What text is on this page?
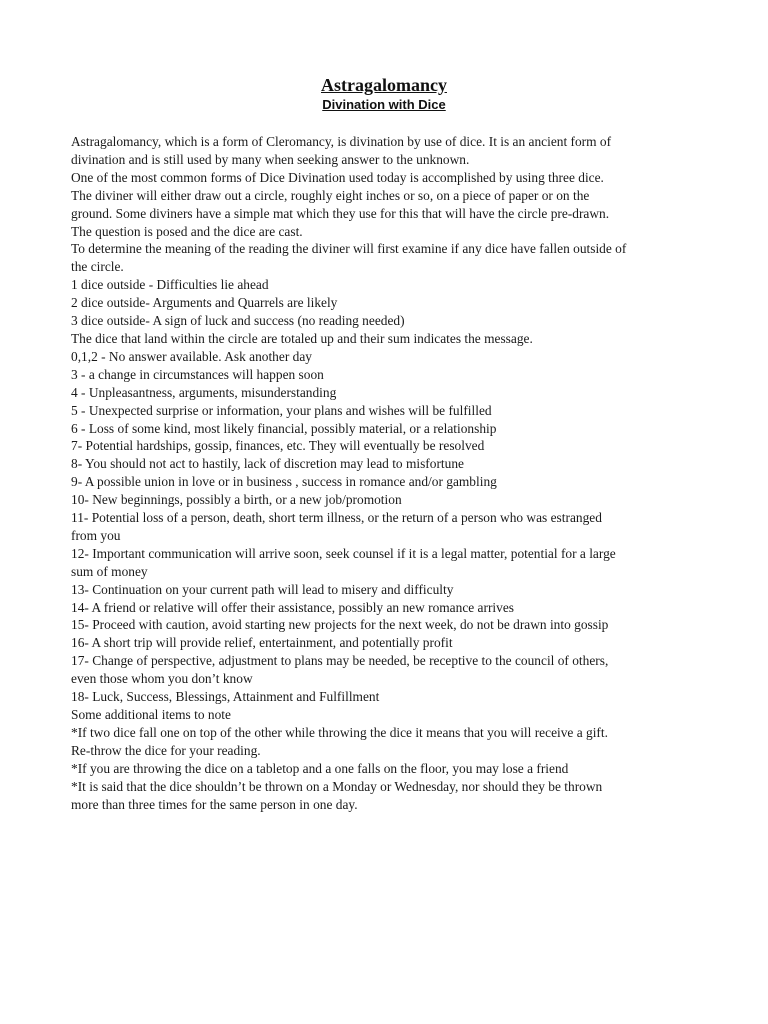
Astragalomancy
Divination with Dice

Astragalomancy, which is a form of Cleromancy, is divination by use of dice. It is an ancient form of

divination and is still used by many when seeking answer to the unknown.

One of the most common forms of Dice Divination used today is accomplished by using three dice.

The diviner will either draw out a circle, roughly eight inches or so, on a piece of paper or on the

ground. Some diviners have a simple mat which they use for this that will have the circle pre-drawn.

The question is posed and the dice are cast.

To determine the meaning of the reading the diviner will first examine if any dice have fallen outside of

the circle.

1 dice outside - Difficulties lie ahead

2 dice outside- Arguments and Quarrels are likely

3 dice outside- A sign of luck and success (no reading needed)

The dice that land within the circle are totaled up and their sum indicates the message.

0,1,2 - No answer available. Ask another day

3 - a change in circumstances will happen soon

4 - Unpleasantness, arguments, misunderstanding

5 - Unexpected surprise or information, your plans and wishes will be fulfilled

6 - Loss of some kind, most likely financial, possibly material, or a relationship

7- Potential hardships, gossip, finances, etc. They will eventually be resolved

8- You should not act to hastily, lack of discretion may lead to misfortune

9- A possible union in love or in business , success in romance and/or gambling

10- New beginnings, possibly a birth, or a new job/promotion

11- Potential loss of a person, death, short term illness, or the return of a person who was estranged

from you

12- Important communication will arrive soon, seek counsel if it is a legal matter, potential for a large

sum of money

13- Continuation on your current path will lead to misery and difficulty

14- A friend or relative will offer their assistance, possibly an new romance arrives

15- Proceed with caution, avoid starting new projects for the next week, do not be drawn into gossip

16- A short trip will provide relief, entertainment, and potentially profit

17- Change of perspective, adjustment to plans may be needed, be receptive to the council of others,

even those whom you don’t know

18- Luck, Success, Blessings, Attainment and Fulfillment

Some additional items to note

*If two dice fall one on top of the other while throwing the dice it means that you will receive a gift.

Re-throw the dice for your reading.

*If you are throwing the dice on a tabletop and a one falls on the floor, you may lose a friend

*It is said that the dice shouldn’t be thrown on a Monday or Wednesday, nor should they be thrown

more than three times for the same person in one day.
